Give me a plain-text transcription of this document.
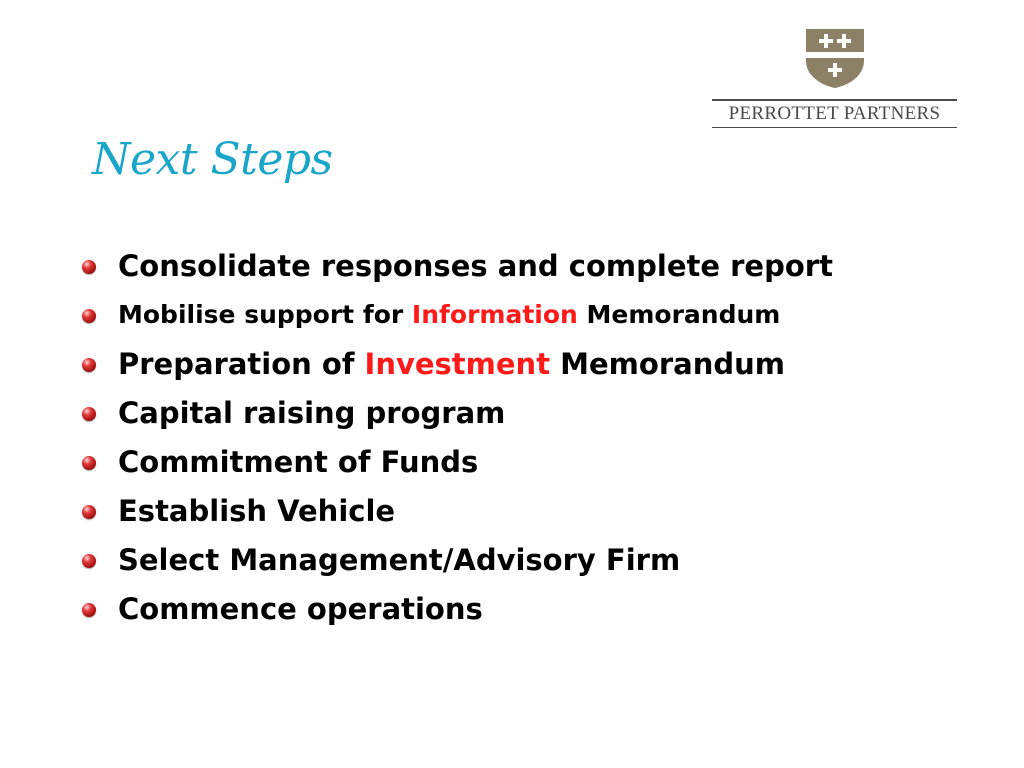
PERROTTET PARTNERS
Next Steps
Consolidate responses and complete report
Mobilise support for Information Memorandum
Preparation of Investment Memorandum
Capital raising program
Commitment of Funds
Establish Vehicle
Select Management/Advisory Firm
Commence operations
